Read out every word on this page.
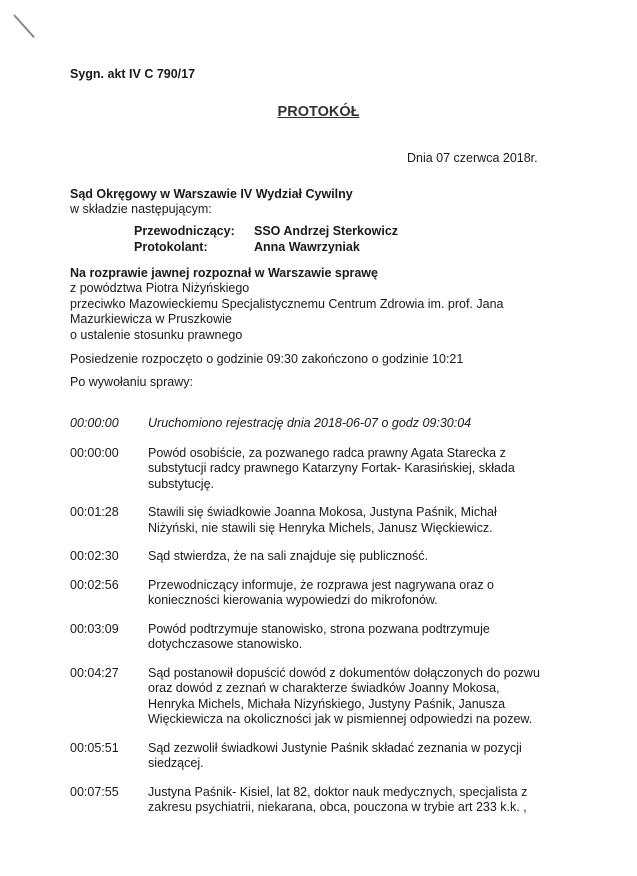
Sygn. akt IV C 790/17
PROTOKÓŁ
Dnia 07 czerwca 2018r.
Sąd Okręgowy w Warszawie IV Wydział Cywilny
w składzie następującym:
Przewodniczący:	SSO Andrzej Sterkowicz
Protokolant:	Anna Wawrzyniak
Na rozprawie jawnej rozpoznał w Warszawie sprawę
z powództwa Piotra Niżyńskiego
przeciwko Mazowieckiemu Specjalistycznemu Centrum Zdrowia im. prof. Jana
Mazurkiewicza w Pruszkowie
o ustalenie stosunku prawnego
Posiedzenie rozpoczęto o godzinie 09:30 zakończono o godzinie 10:21
Po wywołaniu sprawy:
00:00:00	Uruchomiono rejestrację dnia 2018-06-07 o godz 09:30:04
00:00:00	Powód osobiście, za pozwanego radca prawny Agata Starecka z
substytucji radcy prawnego Katarzyny Fortak- Karasińskiej, składa
substytucję.
00:01:28	Stawili się świadkowie Joanna Mokosa, Justyna Paśnik, Michał
Niżyński, nie stawili się Henryka Michels, Janusz Więckiewicz.
00:02:30	Sąd stwierdza, że na sali znajduje się publiczność.
00:02:56	Przewodniczący informuje, że rozprawa jest nagrywana oraz o
konieczności kierowania wypowiedzi do mikrofonów.
00:03:09	Powód podtrzymuje stanowisko, strona pozwana podtrzymuje
dotychczasowe stanowisko.
00:04:27	Sąd postanowił dopuścić dowód z dokumentów dołączonych do pozwu
oraz dowód z zeznań w charakterze świadków Joanny Mokosa,
Henryka Michels, Michała Nizyńskiego, Justyny Paśnik, Janusza
Więckiewicza na okoliczności jak w pismiennej odpowiedzi na pozew.
00:05:51	Sąd zezwolił świadkowi Justynie Paśnik składać zeznania w pozycji
siedzącej.
00:07:55	Justyna Paśnik- Kisiel, lat 82, doktor nauk medycznych, specjalista z
zakresu psychiatrii, niekarana, obca, pouczona w trybie art 233 k.k. ,
